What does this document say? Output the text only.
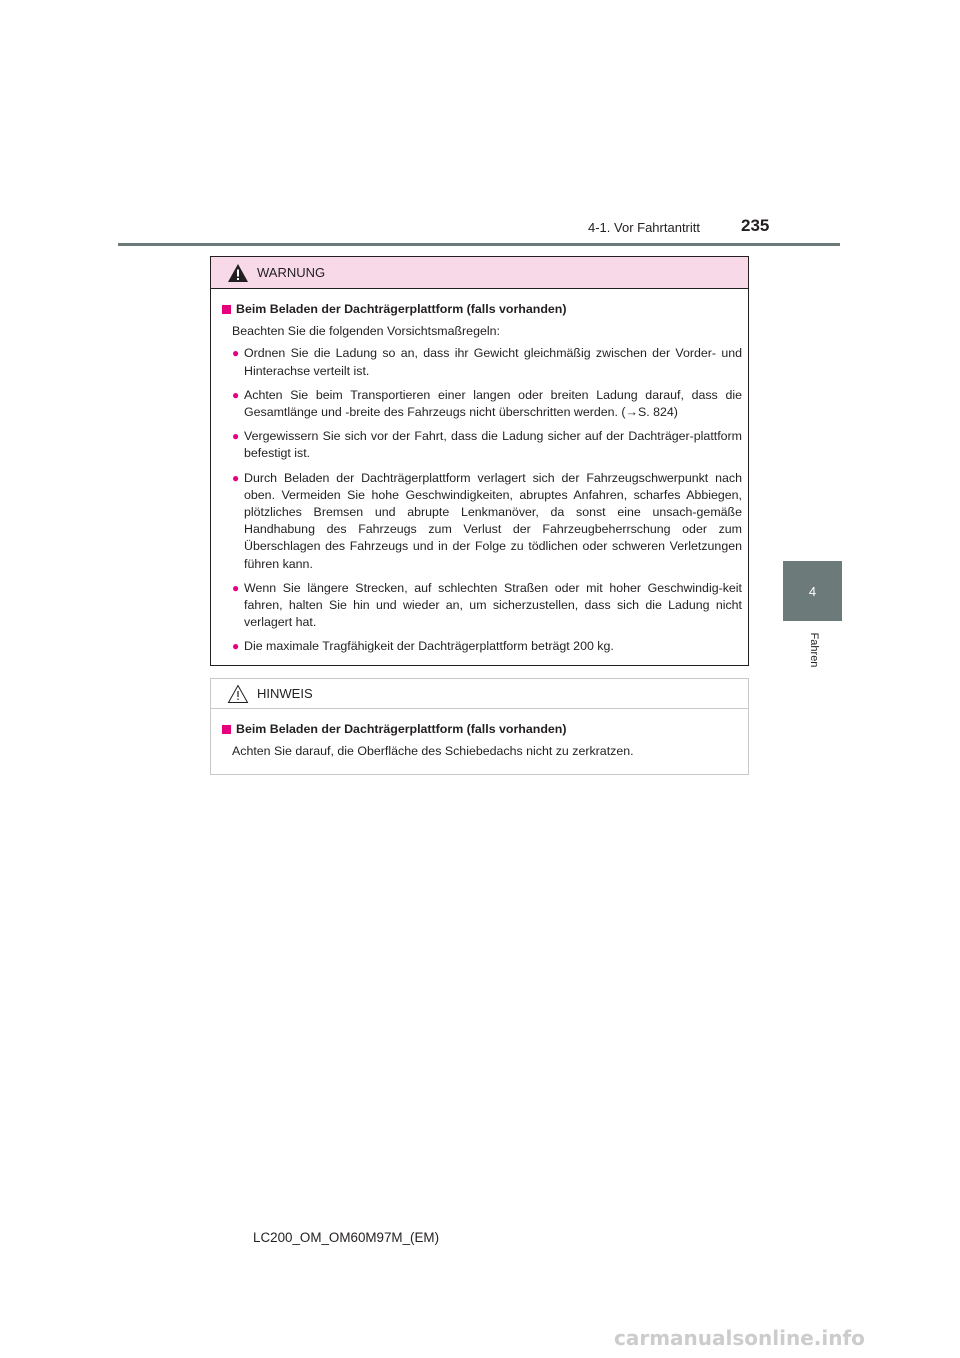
4-1. Vor Fahrtantritt 235
4
Fahren
WARNUNG
Beim Beladen der Dachträgerplattform (falls vorhanden)
Beachten Sie die folgenden Vorsichtsmaßregeln:
● Ordnen Sie die Ladung so an, dass ihr Gewicht gleichmäßig zwischen der Vorder- und Hinterachse verteilt ist.
● Achten Sie beim Transportieren einer langen oder breiten Ladung darauf, dass die Gesamtlänge und -breite des Fahrzeugs nicht überschritten werden. (→S. 824)
● Vergewissern Sie sich vor der Fahrt, dass die Ladung sicher auf der Dachträger-plattform befestigt ist.
● Durch Beladen der Dachträgerplattform verlagert sich der Fahrzeugschwerpunkt nach oben. Vermeiden Sie hohe Geschwindigkeiten, abruptes Anfahren, scharfes Abbiegen, plötzliches Bremsen und abrupte Lenkmanöver, da sonst eine unsach-gemäße Handhabung des Fahrzeugs zum Verlust der Fahrzeugbeherrschung oder zum Überschlagen des Fahrzeugs und in der Folge zu tödlichen oder schweren Verletzungen führen kann.
● Wenn Sie längere Strecken, auf schlechten Straßen oder mit hoher Geschwindig-keit fahren, halten Sie hin und wieder an, um sicherzustellen, dass sich die Ladung nicht verlagert hat.
● Die maximale Tragfähigkeit der Dachträgerplattform beträgt 200 kg.
HINWEIS
Beim Beladen der Dachträgerplattform (falls vorhanden)
Achten Sie darauf, die Oberfläche des Schiebedachs nicht zu zerkratzen.
LC200_OM_OM60M97M_(EM)
carmanualsonline.info
